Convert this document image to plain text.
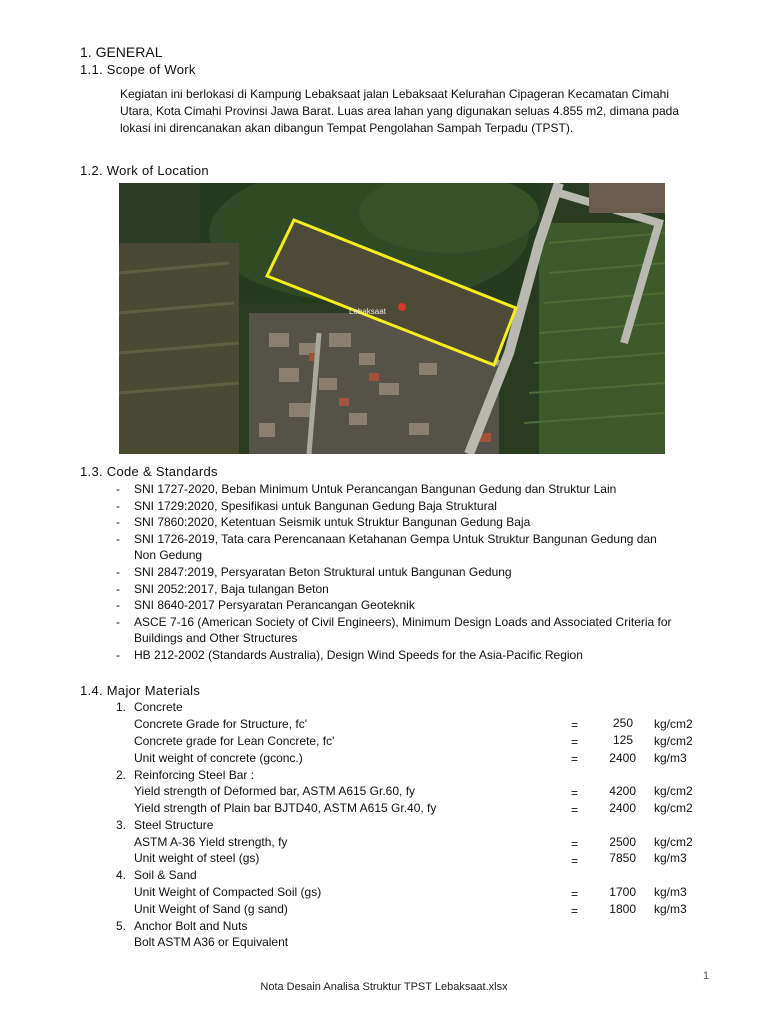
1. GENERAL
1.1. Scope of Work
Kegiatan ini berlokasi di Kampung Lebaksaat jalan Lebaksaat Kelurahan Cipageran Kecamatan Cimahi
Utara, Kota Cimahi Provinsi Jawa Barat. Luas area lahan yang digunakan seluas 4.855 m2, dimana pada
lokasi ini direncanakan akan dibangun Tempat Pengolahan Sampah Terpadu (TPST).
1.2. Work of Location
Lebaksaat
1.3. Code & Standards
- SNI 1727-2020, Beban Minimum Untuk Perancangan Bangunan Gedung dan Struktur Lain
- SNI 1729:2020, Spesifikasi untuk Bangunan Gedung Baja Struktural
- SNI 7860:2020, Ketentuan Seismik untuk Struktur Bangunan Gedung Baja
- SNI 1726-2019, Tata cara Perencanaan Ketahanan Gempa Untuk Struktur Bangunan Gedung dan
Non Gedung
- SNI 2847:2019, Persyaratan Beton Struktural untuk Bangunan Gedung
- SNI 2052:2017, Baja tulangan Beton
- SNI 8640-2017 Persyaratan Perancangan Geoteknik
- ASCE 7-16 (American Society of Civil Engineers), Minimum Design Loads and Associated Criteria for
Buildings and Other Structures
- HB 212-2002 (Standards Australia), Design Wind Speeds for the Asia-Pacific Region
1.4. Major Materials
1. Concrete
Concrete Grade for Structure, fc'	=	250 kg/cm2
Concrete grade for Lean Concrete, fc'	=	125 kg/cm2
Unit weight of concrete (gconc.)	=	2400 kg/m3
2. Reinforcing Steel Bar :
Yield strength of Deformed bar, ASTM A615 Gr.60, fy	=	4200 kg/cm2
Yield strength of Plain bar BJTD40, ASTM A615 Gr.40, fy	=	2400 kg/cm2
3. Steel Structure
ASTM A-36 Yield strength, fy	=	2500 kg/cm2
Unit weight of steel (gs)	=	7850 kg/m3
4. Soil & Sand
Unit Weight of Compacted Soil (gs)	=	1700 kg/m3
Unit Weight of Sand (g sand)	=	1800 kg/m3
5. Anchor Bolt and Nuts
Bolt ASTM A36 or Equivalent
1
Nota Desain Analisa Struktur TPST Lebaksaat.xlsx
